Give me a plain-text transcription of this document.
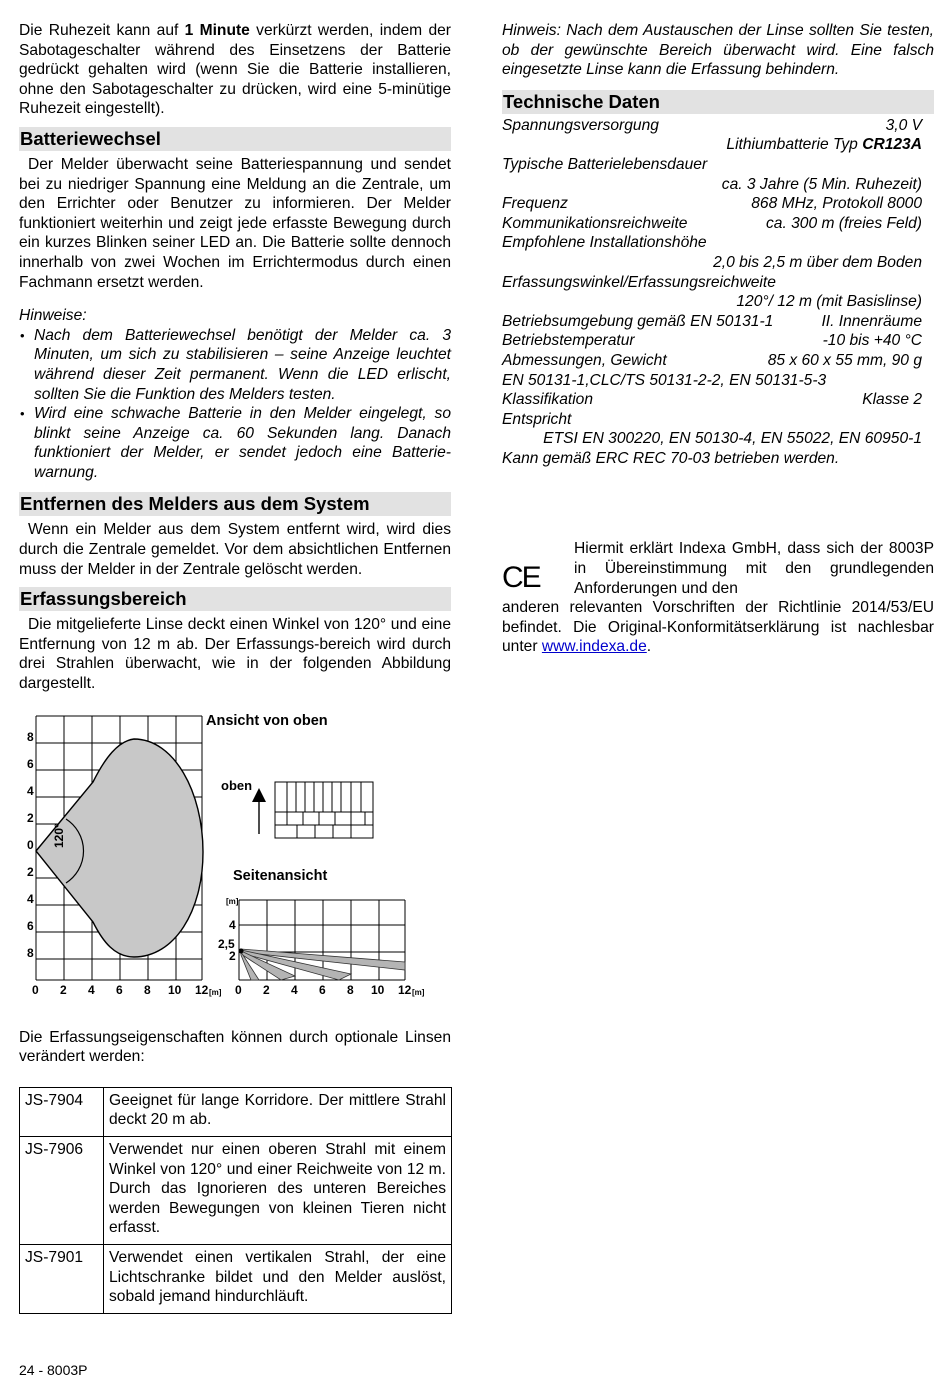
Die Ruhezeit kann auf 1 Minute verkürzt werden, indem der Sabotageschalter während des Einsetzens der Batterie gedrückt gehalten wird (wenn Sie die Batterie installieren, ohne den Sabotageschalter zu drücken, wird eine 5-minütige Ruhezeit eingestellt).

Batteriewechsel

Der Melder überwacht seine Batteriespannung und sendet bei zu niedriger Spannung eine Meldung an die Zentrale, um den Errichter oder Benutzer zu informieren. Der Melder funktioniert weiterhin und zeigt jede erfasste Bewegung durch ein kurzes Blinken seiner LED an. Die Batterie sollte dennoch innerhalb von zwei Wochen im Errichtermodus durch einen Fachmann ersetzt werden.

Hinweise:

• Nach dem Batteriewechsel benötigt der Melder ca. 3 Minuten, um sich zu stabilisieren – seine Anzeige leuchtet während dieser Zeit permanent. Wenn die LED erlischt, sollten Sie die Funktion des Melders testen.
• Wird eine schwache Batterie in den Melder eingelegt, so blinkt seine Anzeige ca. 60 Sekunden lang. Danach funktioniert der Melder, er sendet jedoch eine Batterie-warnung.
Entfernen des Melders aus dem System

Wenn ein Melder aus dem System entfernt wird, wird dies durch die Zentrale gemeldet. Vor dem absichtlichen Entfernen muss der Melder in der Zentrale gelöscht werden.

Erfassungsbereich

Die mitgelieferte Linse deckt einen Winkel von 120° und eine Entfernung von 12 m ab. Der Erfassungs-bereich wird durch drei Strahlen überwacht, wie in der folgenden Abbildung dargestellt.

Ansicht von oben
Seitenansicht
oben
120°
8
6
4
2
0
2
4
6
8
0 2 4 6 8 10 12 [m]
[m]
4
2,5
2
0 2 4 6 8 10 12 [m]

Die Erfassungseigenschaften können durch optionale Linsen verändert werden:

JS-7904	Geeignet für lange Korridore. Der mittlere Strahl deckt 20 m ab.
JS-7906	Verwendet nur einen oberen Strahl mit einem Winkel von 120° und einer Reichweite von 12 m. Durch das Ignorieren des unteren Bereiches werden Bewegungen von kleinen Tieren nicht erfasst.
JS-7901	Verwendet einen vertikalen Strahl, der eine Lichtschranke bildet und den Melder auslöst, sobald jemand hindurchläuft.

Hinweis: Nach dem Austauschen der Linse sollten Sie testen, ob der gewünschte Bereich überwacht wird. Eine falsch eingesetzte Linse kann die Erfassung behindern.

Technische Daten
Spannungsversorgung	3,0 V
Lithiumbatterie Typ CR123A
Typische Batterielebensdauer
ca. 3 Jahre (5 Min. Ruhezeit)
Frequenz	868 MHz, Protokoll 8000
Kommunikationsreichweite	ca. 300 m (freies Feld)
Empfohlene Installationshöhe
2,0 bis 2,5 m über dem Boden
Erfassungswinkel/Erfassungsreichweite
120°/ 12 m (mit Basislinse)
Betriebsumgebung gemäß EN 50131-1	II. Innenräume
Betriebstemperatur	-10 bis +40 °C
Abmessungen, Gewicht	85 x 60 x 55 mm, 90 g
EN 50131-1,CLC/TS 50131-2-2, EN 50131-5-3
Klassifikation	Klasse 2
Entspricht
ETSI EN 300220, EN 50130-4, EN 55022, EN 60950-1
Kann gemäß ERC REC 70-03 betrieben werden.
CE

Hiermit erklärt Indexa GmbH, dass sich der 8003P in Übereinstimmung mit den grundlegenden Anforderungen und den

anderen relevanten Vorschriften der Richtlinie 2014/53/EU befindet. Die Original-Konformitätserklärung ist nachlesbar unter www.indexa.de.

24 - 8003P
